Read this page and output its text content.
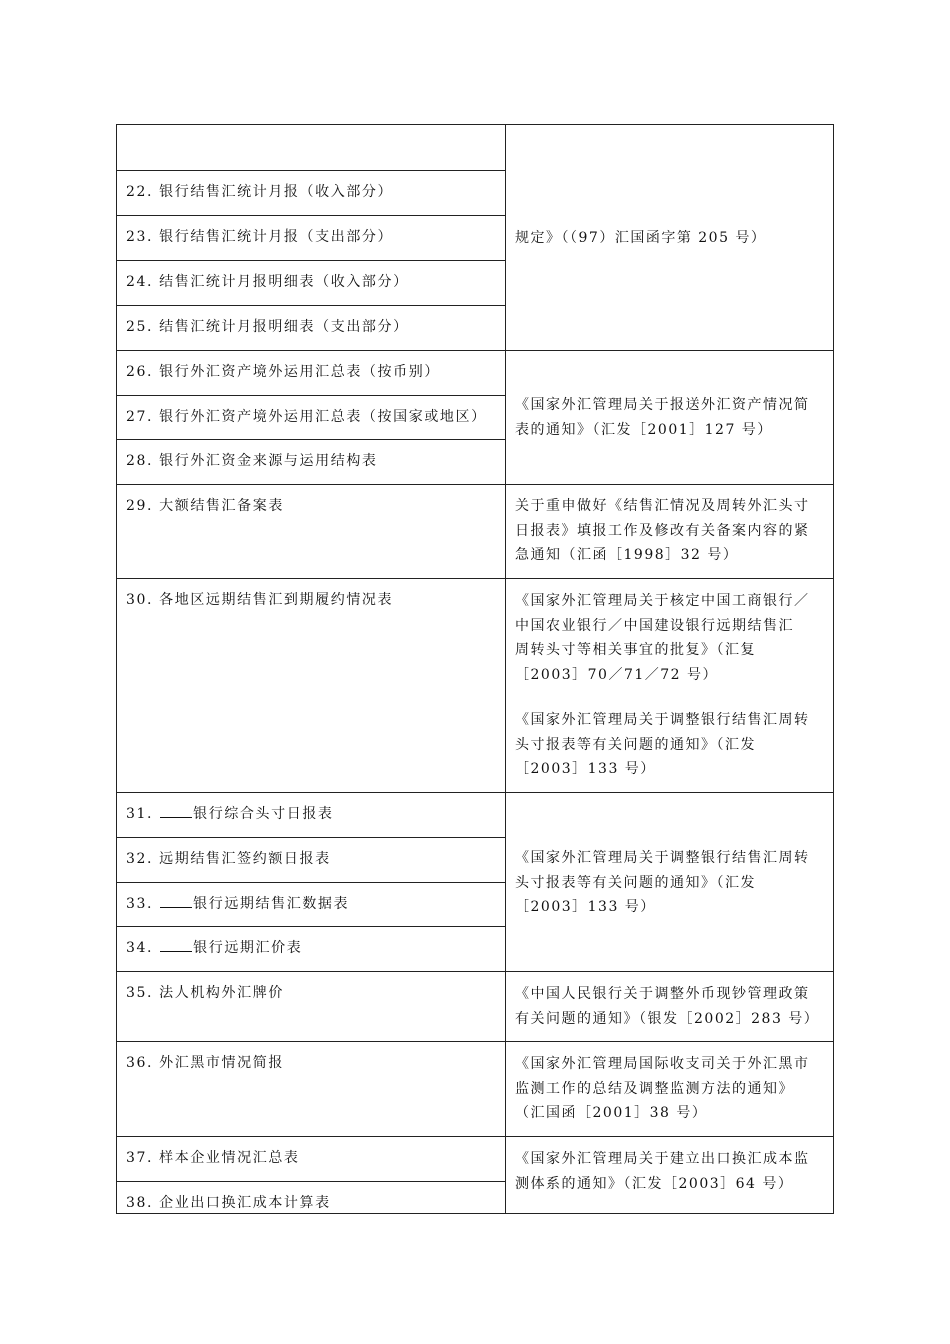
22. 银行结售汇统计月报（收入部分）
23. 银行结售汇统计月报（支出部分）
24. 结售汇统计月报明细表（收入部分）
25. 结售汇统计月报明细表（支出部分）
26. 银行外汇资产境外运用汇总表（按币别）
27. 银行外汇资产境外运用汇总表（按国家或地区）
28. 银行外汇资金来源与运用结构表
29. 大额结售汇备案表
30. 各地区远期结售汇到期履约情况表
31. 银行综合头寸日报表
32. 远期结售汇签约额日报表
33. 银行远期结售汇数据表
34. 银行远期汇价表
35. 法人机构外汇牌价
36. 外汇黑市情况简报
37. 样本企业情况汇总表
38. 企业出口换汇成本计算表
规定》（（97）汇国函字第 205 号）
《国家外汇管理局关于报送外汇资产情况简
表的通知》（汇发［2001］127 号）
关于重申做好《结售汇情况及周转外汇头寸
日报表》填报工作及修改有关备案内容的紧
急通知（汇函［1998］32 号）
《国家外汇管理局关于核定中国工商银行／
中国农业银行／中国建设银行远期结售汇
周转头寸等相关事宜的批复》（汇复
［2003］70／71／72 号）
《国家外汇管理局关于调整银行结售汇周转
头寸报表等有关问题的通知》（汇发
［2003］133 号）
《国家外汇管理局关于调整银行结售汇周转
头寸报表等有关问题的通知》（汇发
［2003］133 号）
《中国人民银行关于调整外币现钞管理政策
有关问题的通知》（银发［2002］283 号）
《国家外汇管理局国际收支司关于外汇黑市
监测工作的总结及调整监测方法的通知》
（汇国函［2001］38 号）
《国家外汇管理局关于建立出口换汇成本监
测体系的通知》（汇发［2003］64 号）
